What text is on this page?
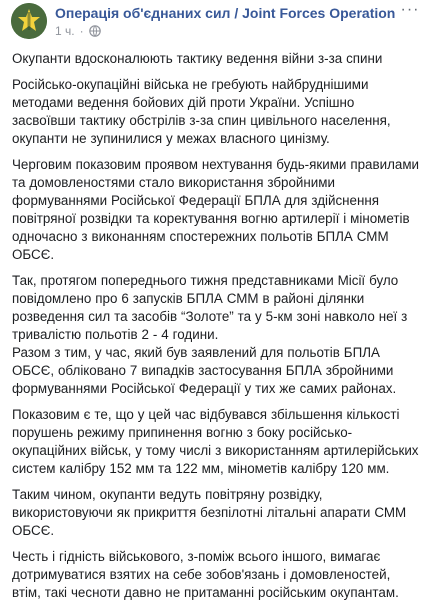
Операція об'єднаних сил / Joint Forces Operation
1 ч. ·
···

Окупанти вдосконалюють тактику ведення війни з-за спини

Російсько-окупаційні війська не гребують найбруднішими методами ведення бойових дій проти України. Успішно засвоївши тактику обстрілів з-за спин цивільного населення, окупанти не зупинилися у межах власного цинізму.

Черговим показовим проявом нехтування будь-якими правилами та домовленостями стало використання збройними формуваннями Російської Федерації БПЛА для здійснення повітряної розвідки та коректування вогню артилерії і мінометів одночасно з виконанням спостережних польотів БПЛА СММ ОБСЄ.

Так, протягом попереднього тижня представниками Місії було повідомлено про 6 запусків БПЛА СММ в районі ділянки розведення сил та засобів “Золоте” та у 5-км зоні навколо неї з тривалістю польотів 2 - 4 години.

Разом з тим, у час, який був заявлений для польотів БПЛА ОБСЄ, обліковано 7 випадків застосування БПЛА збройними формуваннями Російської Федерації у тих же самих районах.

Показовим є те, що у цей час відбувався збільшення кількості порушень режиму припинення вогню з боку російсько-окупаційних військ, у тому числі з використанням артилерійських систем калібру 152 мм та 122 мм, мінометів калібру 120 мм.

Таким чином, окупанти ведуть повітряну розвідку, використовуючи як прикриття безпілотні літальні апарати СММ ОБСЄ.

Честь і гідність військового, з-поміж всього іншого, вимагає дотримуватися взятих на себе зобов'язань і домовленостей, втім, такі чесноти давно не притаманні російським окупантам.
